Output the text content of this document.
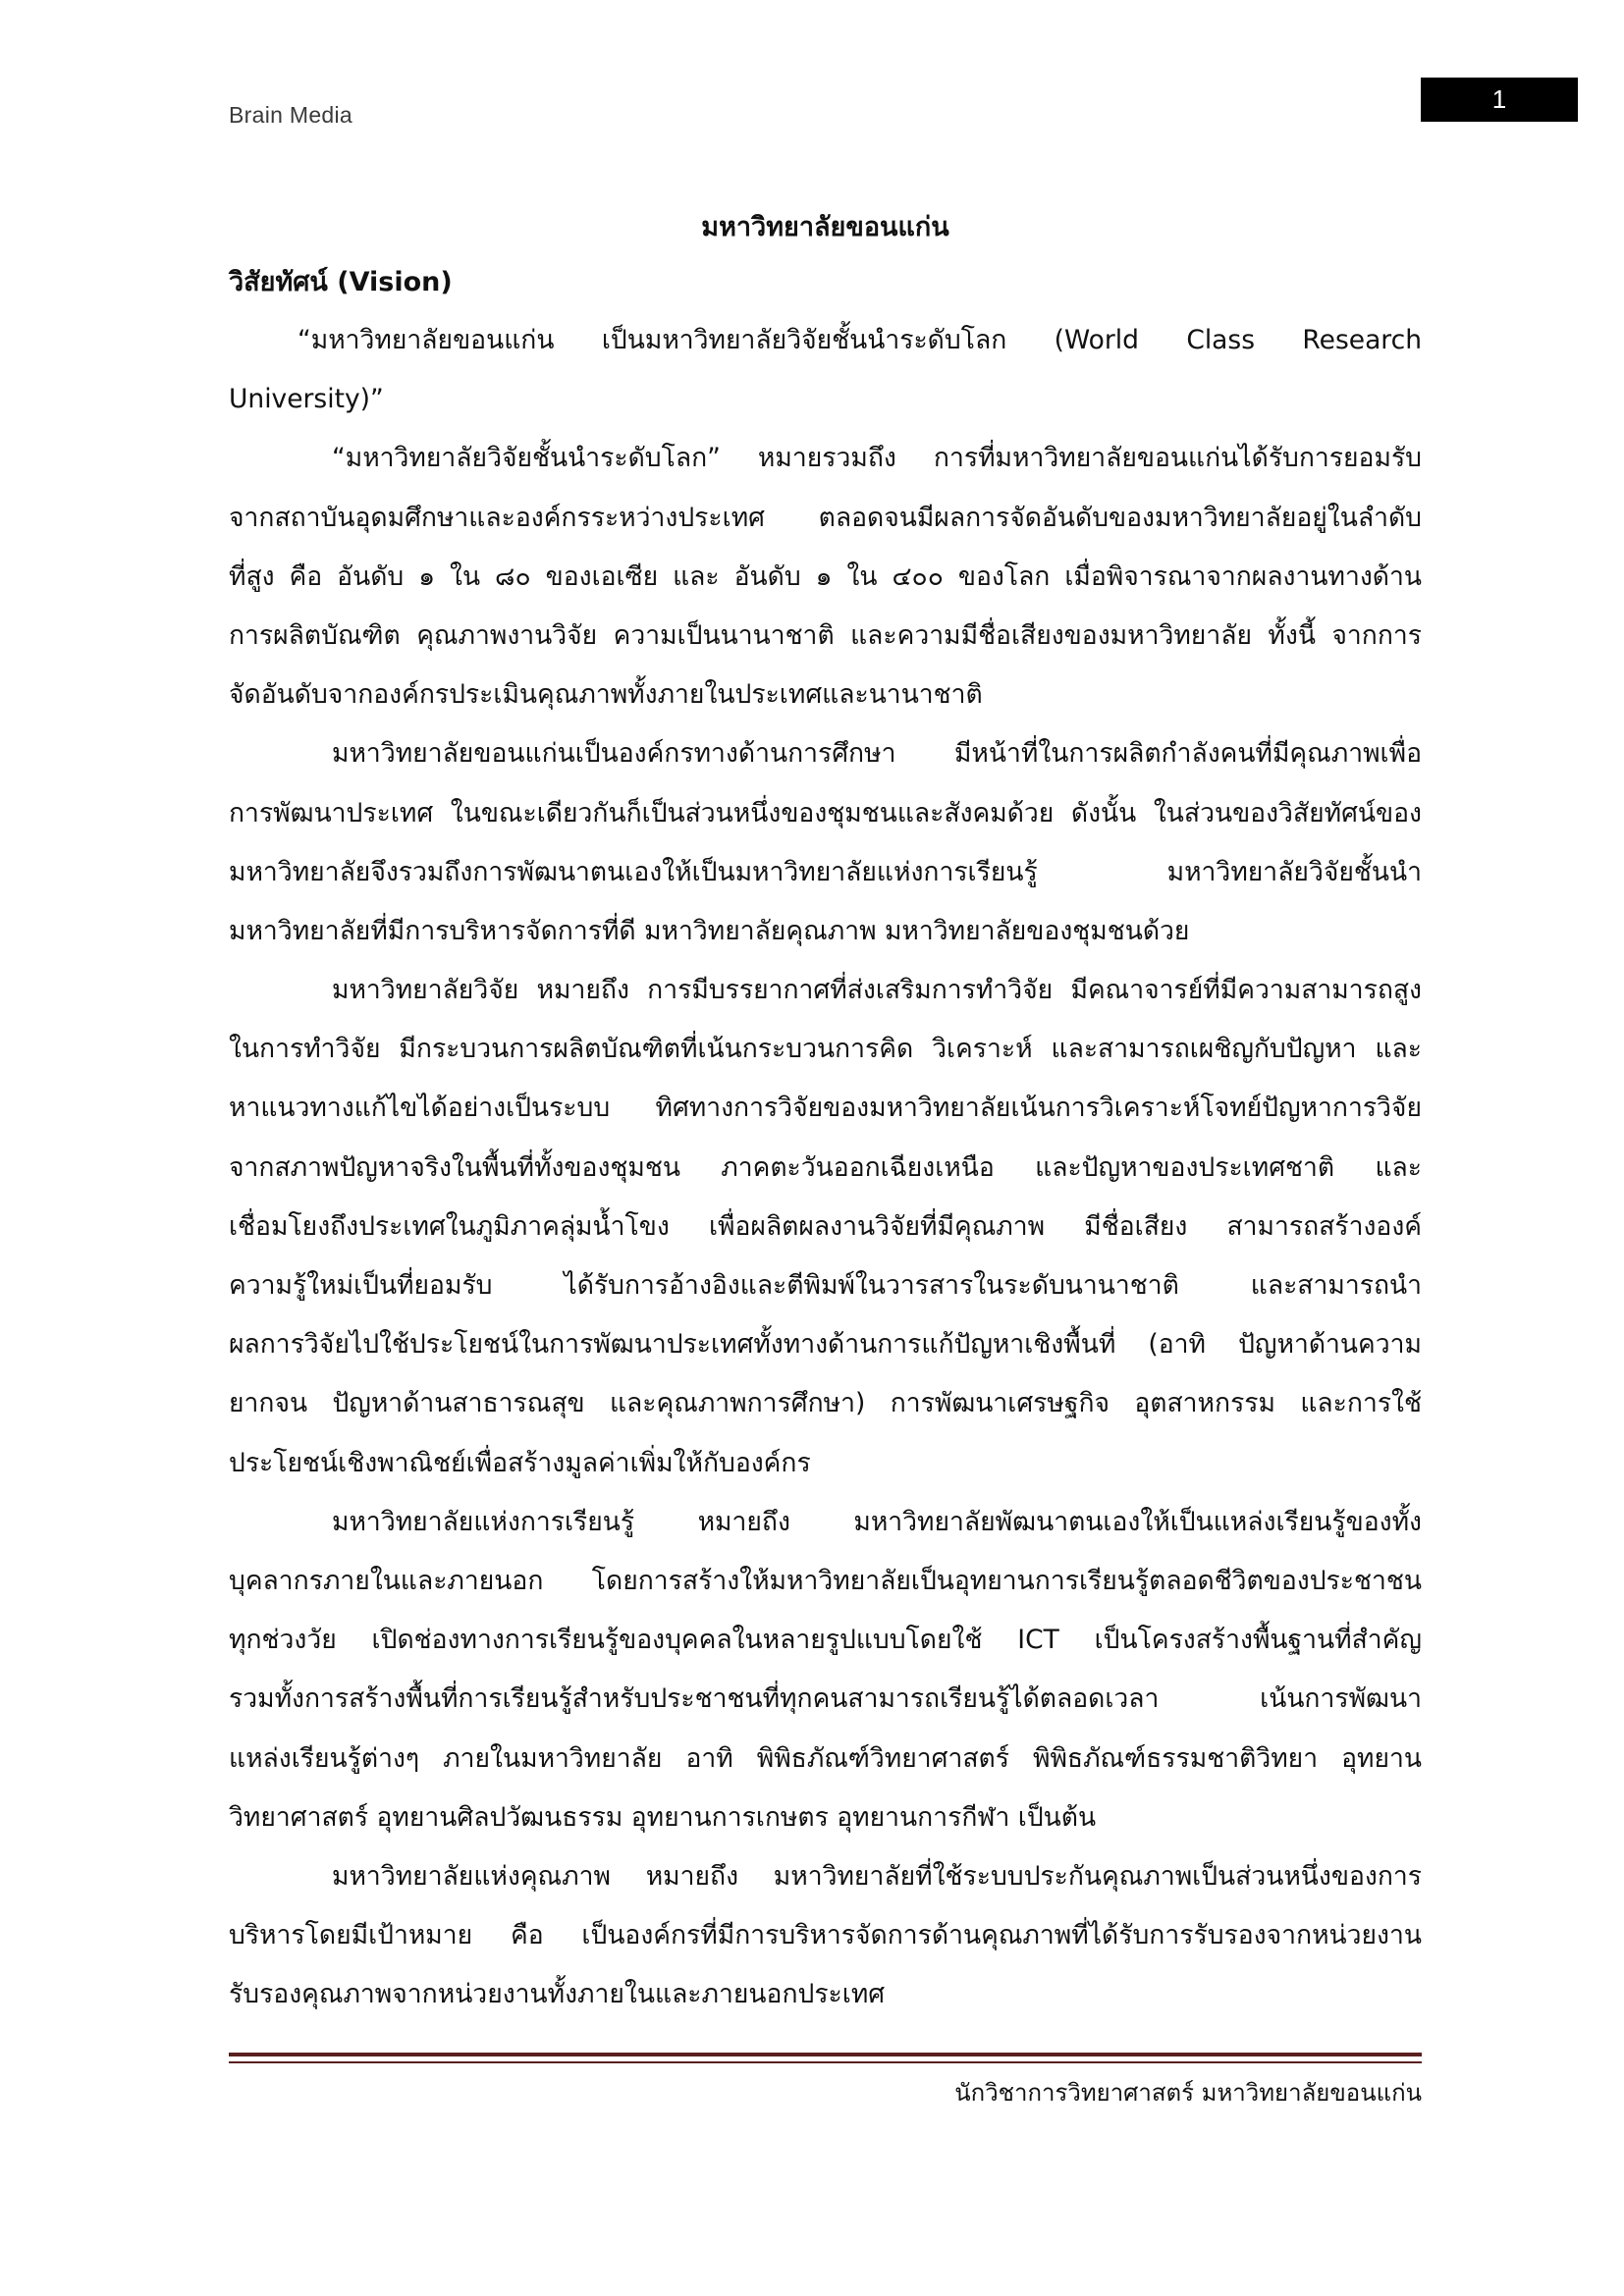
Brain Media
1
มหาวิทยาลัยขอนแก่น
วิสัยทัศน์ (Vision)
“มหาวิทยาลัยขอนแก่น เป็นมหาวิทยาลัยวิจัยชั้นนำระดับโลก (World Class Research
University)”
“มหาวิทยาลัยวิจัยชั้นนำระดับโลก” หมายรวมถึง การที่มหาวิทยาลัยขอนแก่นได้รับการยอมรับ
จากสถาบันอุดมศึกษาและองค์กรระหว่างประเทศ ตลอดจนมีผลการจัดอันดับของมหาวิทยาลัยอยู่ในลำดับ
ที่สูง คือ อันดับ ๑ ใน ๘๐ ของเอเซีย และ อันดับ ๑ ใน ๔๐๐ ของโลก เมื่อพิจารณาจากผลงานทางด้าน
การผลิตบัณฑิต คุณภาพงานวิจัย ความเป็นนานาชาติ และความมีชื่อเสียงของมหาวิทยาลัย ทั้งนี้ จากการ
จัดอันดับจากองค์กรประเมินคุณภาพทั้งภายในประเทศและนานาชาติ
มหาวิทยาลัยขอนแก่นเป็นองค์กรทางด้านการศึกษา มีหน้าที่ในการผลิตกำลังคนที่มีคุณภาพเพื่อ
การพัฒนาประเทศ ในขณะเดียวกันก็เป็นส่วนหนึ่งของชุมชนและสังคมด้วย ดังนั้น ในส่วนของวิสัยทัศน์ของ
มหาวิทยาลัยจึงรวมถึงการพัฒนาตนเองให้เป็นมหาวิทยาลัยแห่งการเรียนรู้ มหาวิทยาลัยวิจัยชั้นนำ
มหาวิทยาลัยที่มีการบริหารจัดการที่ดี มหาวิทยาลัยคุณภาพ มหาวิทยาลัยของชุมชนด้วย
มหาวิทยาลัยวิจัย หมายถึง การมีบรรยากาศที่ส่งเสริมการทำวิจัย มีคณาจารย์ที่มีความสามารถสูง
ในการทำวิจัย มีกระบวนการผลิตบัณฑิตที่เน้นกระบวนการคิด วิเคราะห์ และสามารถเผชิญกับปัญหา และ
หาแนวทางแก้ไขได้อย่างเป็นระบบ ทิศทางการวิจัยของมหาวิทยาลัยเน้นการวิเคราะห์โจทย์ปัญหาการวิจัย
จากสภาพปัญหาจริงในพื้นที่ทั้งของชุมชน ภาคตะวันออกเฉียงเหนือ และปัญหาของประเทศชาติ และ
เชื่อมโยงถึงประเทศในภูมิภาคลุ่มน้ำโขง เพื่อผลิตผลงานวิจัยที่มีคุณภาพ มีชื่อเสียง สามารถสร้างองค์
ความรู้ใหม่เป็นที่ยอมรับ ได้รับการอ้างอิงและตีพิมพ์ในวารสารในระดับนานาชาติ และสามารถนำ
ผลการวิจัยไปใช้ประโยชน์ในการพัฒนาประเทศทั้งทางด้านการแก้ปัญหาเชิงพื้นที่ (อาทิ ปัญหาด้านความ
ยากจน ปัญหาด้านสาธารณสุข และคุณภาพการศึกษา) การพัฒนาเศรษฐกิจ อุตสาหกรรม และการใช้
ประโยชน์เชิงพาณิชย์เพื่อสร้างมูลค่าเพิ่มให้กับองค์กร
มหาวิทยาลัยแห่งการเรียนรู้ หมายถึง มหาวิทยาลัยพัฒนาตนเองให้เป็นแหล่งเรียนรู้ของทั้ง
บุคลากรภายในและภายนอก โดยการสร้างให้มหาวิทยาลัยเป็นอุทยานการเรียนรู้ตลอดชีวิตของประชาชน
ทุกช่วงวัย เปิดช่องทางการเรียนรู้ของบุคคลในหลายรูปแบบโดยใช้ ICT เป็นโครงสร้างพื้นฐานที่สำคัญ
รวมทั้งการสร้างพื้นที่การเรียนรู้สำหรับประชาชนที่ทุกคนสามารถเรียนรู้ได้ตลอดเวลา เน้นการพัฒนา
แหล่งเรียนรู้ต่างๆ ภายในมหาวิทยาลัย อาทิ พิพิธภัณฑ์วิทยาศาสตร์ พิพิธภัณฑ์ธรรมชาติวิทยา อุทยาน
วิทยาศาสตร์ อุทยานศิลปวัฒนธรรม อุทยานการเกษตร อุทยานการกีฬา เป็นต้น
มหาวิทยาลัยแห่งคุณภาพ หมายถึง มหาวิทยาลัยที่ใช้ระบบประกันคุณภาพเป็นส่วนหนึ่งของการ
บริหารโดยมีเป้าหมาย คือ เป็นองค์กรที่มีการบริหารจัดการด้านคุณภาพที่ได้รับการรับรองจากหน่วยงาน
รับรองคุณภาพจากหน่วยงานทั้งภายในและภายนอกประเทศ
นักวิชาการวิทยาศาสตร์ มหาวิทยาลัยขอนแก่น
